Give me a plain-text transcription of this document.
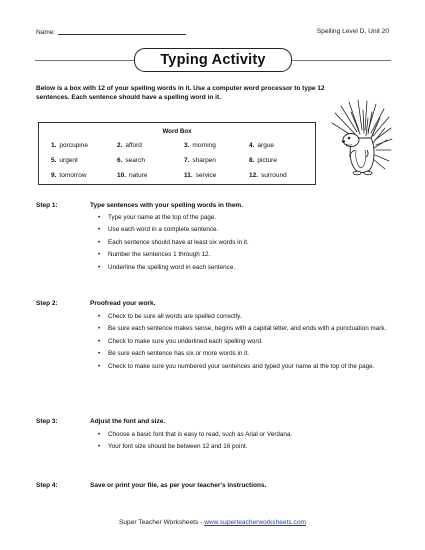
Name:	Spelling Level D, Unit 20
Typing Activity
Below is a box with 12 of your spelling words in it. Use a computer word processor to type 12 sentences. Each sentence should have a spelling word in it.
Word Box
1. porcupine	2. afford	3. morning	4. argue
5. urgent	6. search	7. sharpen	8. picture
9. tomorrow	10. nature	11. service	12. surround
Step 1:	Type sentences with your spelling words in them.
• Type your name at the top of the page.
• Use each word in a complete sentence.
• Each sentence should have at least six words in it.
• Number the sentences 1 through 12.
• Underline the spelling word in each sentence.
Step 2:	Proofread your work.
• Check to be sure all words are spelled correctly.
• Be sure each sentence makes sense, begins with a capital letter, and ends with a punctuation mark.
• Check to make sure you underlined each spelling word.
• Be sure each sentence has six or more words in it.
• Check to make sure you numbered your sentences and typed your name at the top of the page.
Step 3:	Adjust the font and size.
• Choose a basic font that is easy to read, such as Arial or Verdana.
• Your font size should be between 12 and 16 point.
Step 4:	Save or print your file, as per your teacher's instructions.
Super Teacher Worksheets - www.superteacherworksheets.com
